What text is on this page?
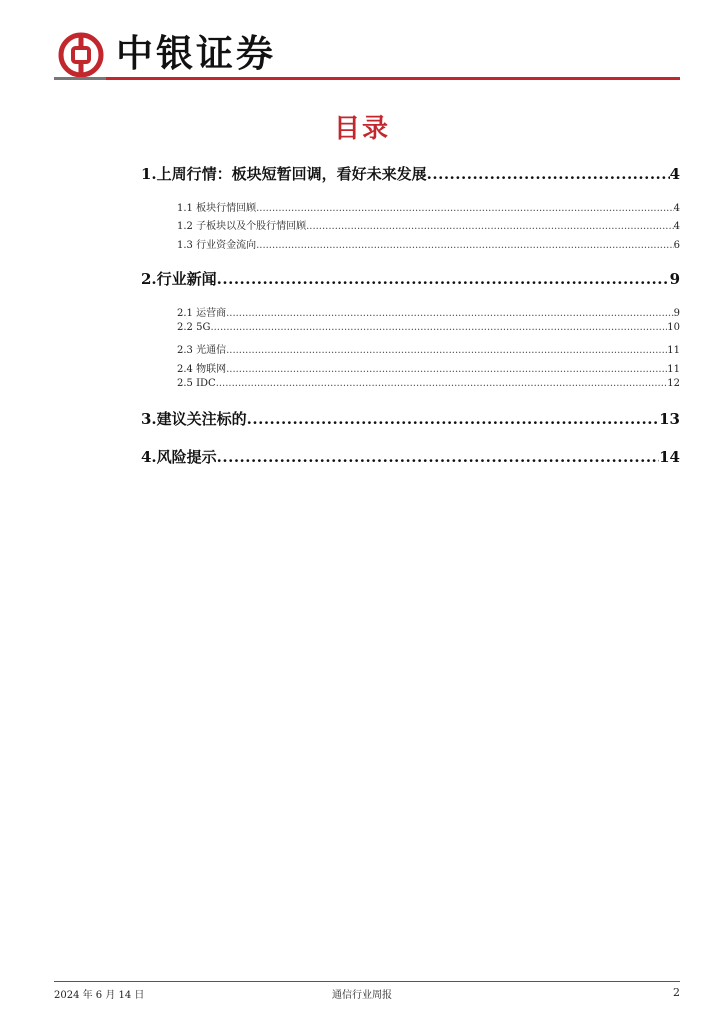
中银证券
目录
1.上周行情：板块短暂回调，看好未来发展 .....	4
1.1 板块行情回顾 .....	4
1.2 子板块以及个股行情回顾 .....	4
1.3 行业资金流向 .....	6
2.行业新闻 .....	9
2.1 运营商 .....	9
2.2 5G .....	10
2.3 光通信 .....	11
2.4 物联网 .....	11
2.5 IDC .....	12
3.建议关注标的 .....	13
4.风险提示 .....	14
2024 年 6 月 14 日	通信行业周报	2
